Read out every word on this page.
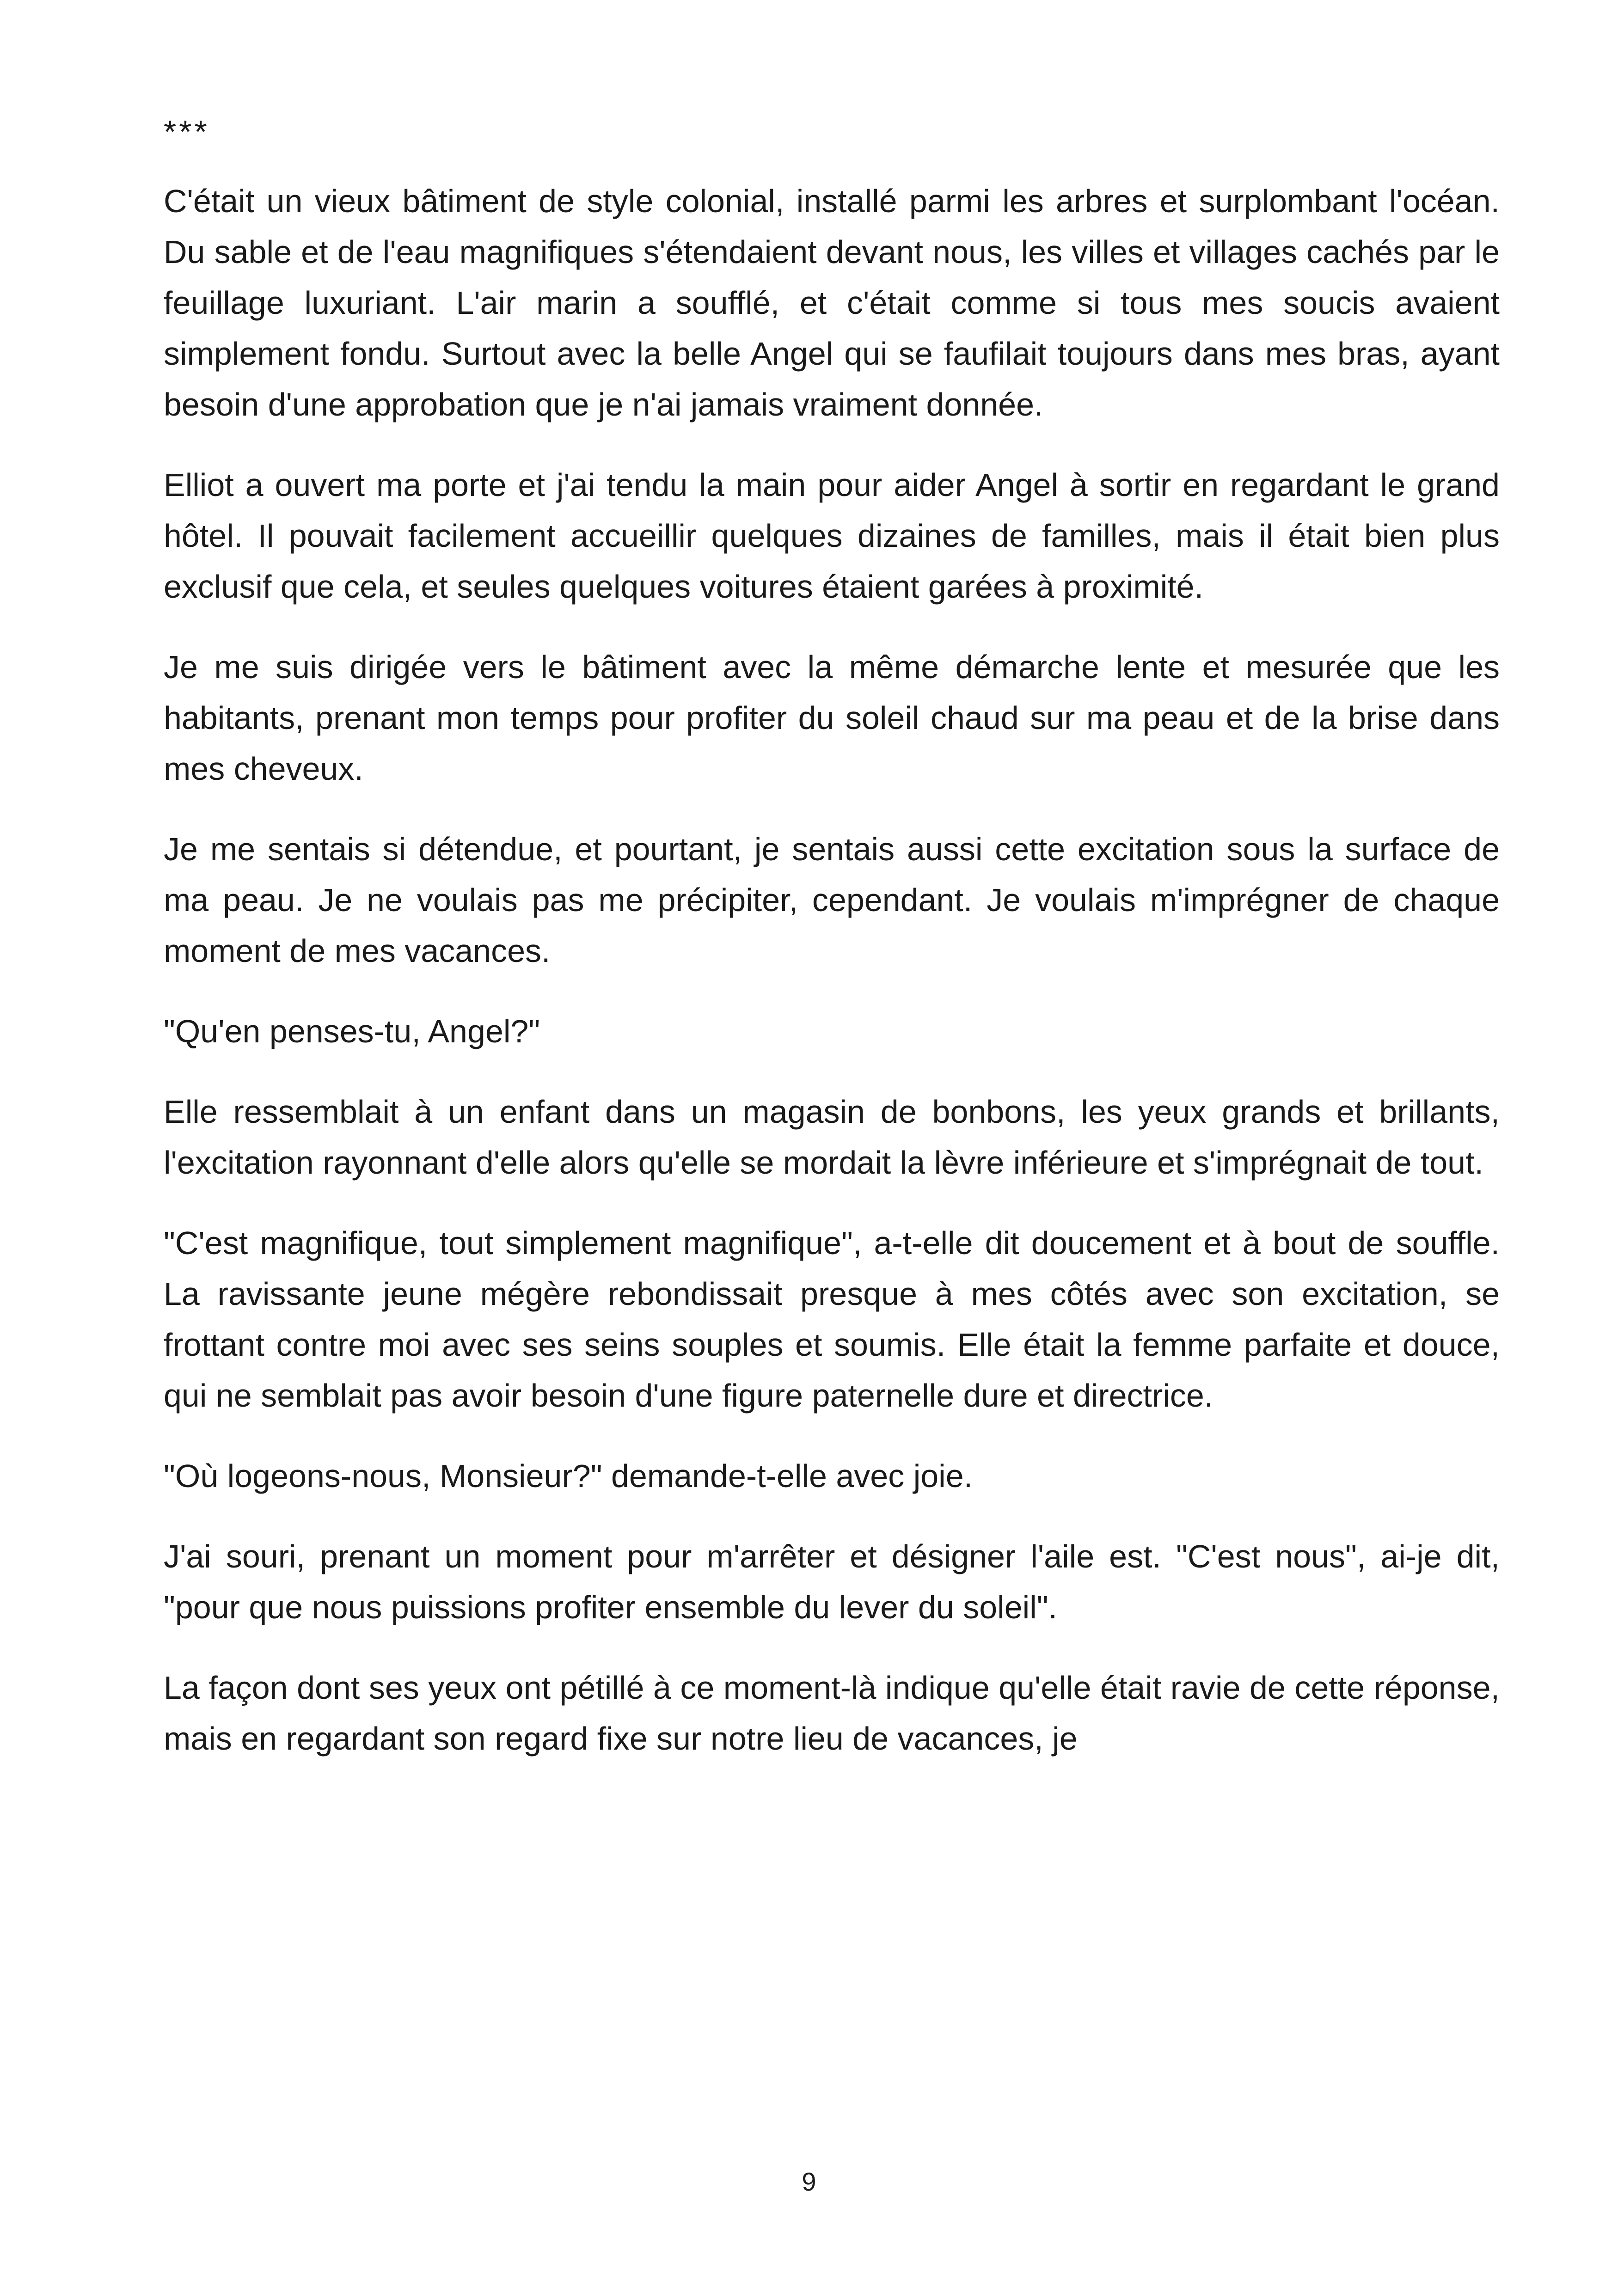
***

C'était un vieux bâtiment de style colonial, installé parmi les arbres et surplombant l'océan. Du sable et de l'eau magnifiques s'étendaient devant nous, les villes et villages cachés par le feuillage luxuriant. L'air marin a soufflé, et c'était comme si tous mes soucis avaient simplement fondu. Surtout avec la belle Angel qui se faufilait toujours dans mes bras, ayant besoin d'une approbation que je n'ai jamais vraiment donnée.

Elliot a ouvert ma porte et j'ai tendu la main pour aider Angel à sortir en regardant le grand hôtel. Il pouvait facilement accueillir quelques dizaines de familles, mais il était bien plus exclusif que cela, et seules quelques voitures étaient garées à proximité.

Je me suis dirigée vers le bâtiment avec la même démarche lente et mesurée que les habitants, prenant mon temps pour profiter du soleil chaud sur ma peau et de la brise dans mes cheveux.

Je me sentais si détendue, et pourtant, je sentais aussi cette excitation sous la surface de ma peau. Je ne voulais pas me précipiter, cependant. Je voulais m'imprégner de chaque moment de mes vacances.

"Qu'en penses-tu, Angel?"

Elle ressemblait à un enfant dans un magasin de bonbons, les yeux grands et brillants, l'excitation rayonnant d'elle alors qu'elle se mordait la lèvre inférieure et s'imprégnait de tout.

"C'est magnifique, tout simplement magnifique", a-t-elle dit doucement et à bout de souffle. La ravissante jeune mégère rebondissait presque à mes côtés avec son excitation, se frottant contre moi avec ses seins souples et soumis. Elle était la femme parfaite et douce, qui ne semblait pas avoir besoin d'une figure paternelle dure et directrice.

"Où logeons-nous, Monsieur?" demande-t-elle avec joie.

J'ai souri, prenant un moment pour m'arrêter et désigner l'aile est. "C'est nous", ai-je dit, "pour que nous puissions profiter ensemble du lever du soleil".

La façon dont ses yeux ont pétillé à ce moment-là indique qu'elle était ravie de cette réponse, mais en regardant son regard fixe sur notre lieu de vacances, je

9
